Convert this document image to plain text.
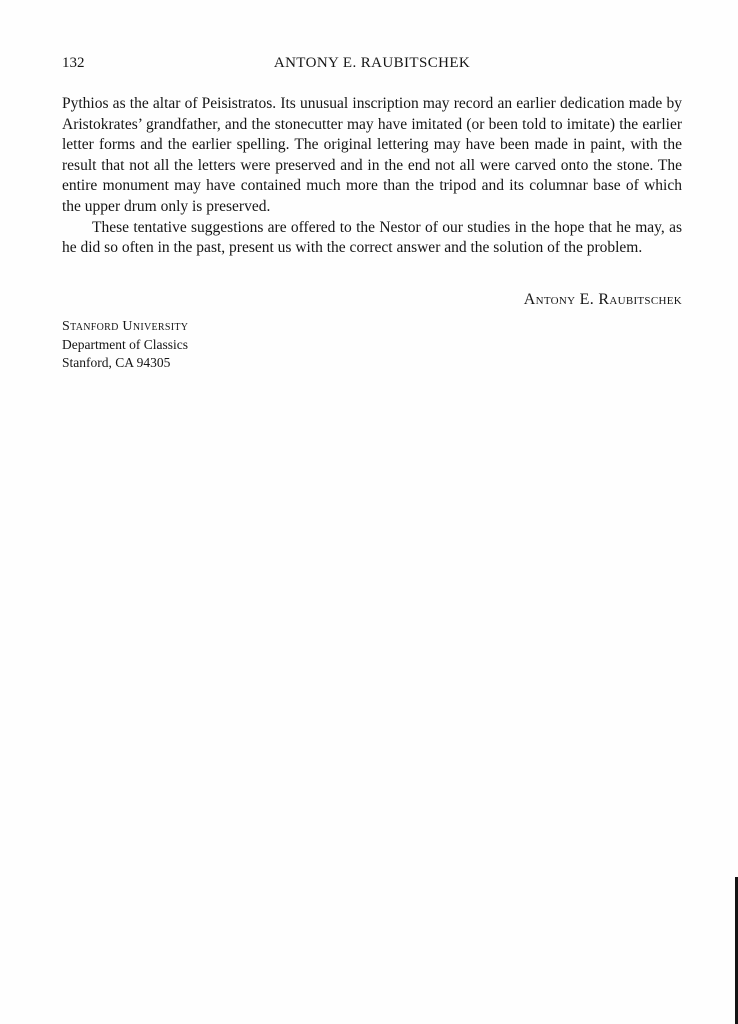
132	ANTONY E. RAUBITSCHEK

Pythios as the altar of Peisistratos. Its unusual inscription may record an earlier dedication made by Aristokrates’ grandfather, and the stonecutter may have imitated (or been told to imitate) the earlier letter forms and the earlier spelling. The original lettering may have been made in paint, with the result that not all the letters were preserved and in the end not all were carved onto the stone. The entire monument may have contained much more than the tripod and its columnar base of which the upper drum only is preserved.

These tentative suggestions are offered to the Nestor of our studies in the hope that he may, as he did so often in the past, present us with the correct answer and the solution of the problem.

Antony E. Raubitschek
Stanford University
Department of Classics
Stanford, CA 94305
